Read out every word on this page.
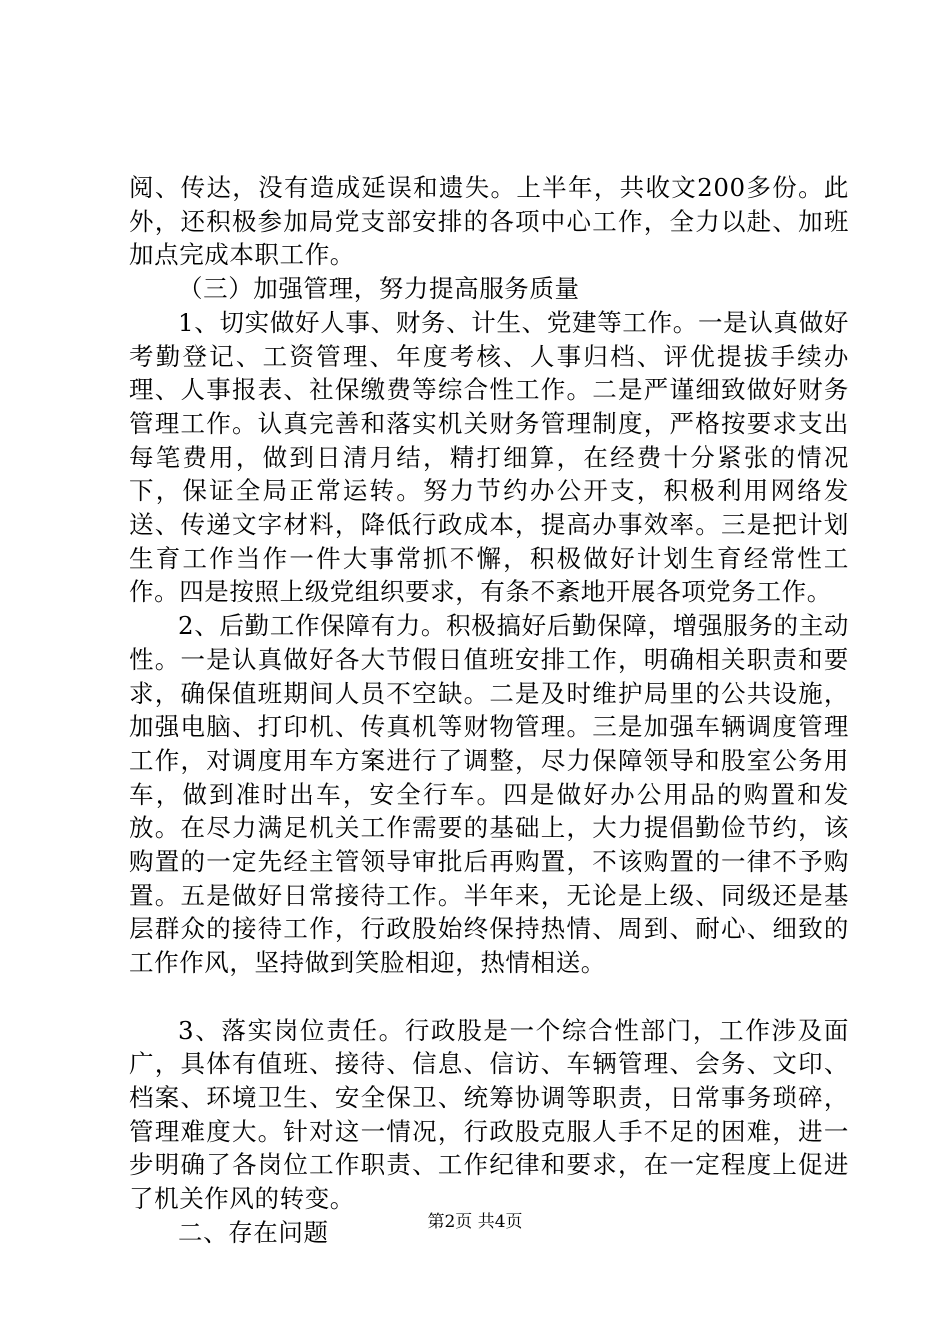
阅、传达，没有造成延误和遗失。上半年，共收文200多份。此外，还积极参加局党支部安排的各项中心工作，全力以赴、加班加点完成本职工作。

（三）加强管理，努力提高服务质量

1、切实做好人事、财务、计生、党建等工作。一是认真做好考勤登记、工资管理、年度考核、人事归档、评优提拔手续办理、人事报表、社保缴费等综合性工作。二是严谨细致做好财务管理工作。认真完善和落实机关财务管理制度，严格按要求支出每笔费用，做到日清月结，精打细算，在经费十分紧张的情况下，保证全局正常运转。努力节约办公开支，积极利用网络发送、传递文字材料，降低行政成本，提高办事效率。三是把计划生育工作当作一件大事常抓不懈，积极做好计划生育经常性工作。四是按照上级党组织要求，有条不紊地开展各项党务工作。

2、后勤工作保障有力。积极搞好后勤保障，增强服务的主动性。一是认真做好各大节假日值班安排工作，明确相关职责和要求，确保值班期间人员不空缺。二是及时维护局里的公共设施，加强电脑、打印机、传真机等财物管理。三是加强车辆调度管理工作，对调度用车方案进行了调整，尽力保障领导和股室公务用车，做到准时出车，安全行车。四是做好办公用品的购置和发放。在尽力满足机关工作需要的基础上，大力提倡勤俭节约，该购置的一定先经主管领导审批后再购置，不该购置的一律不予购置。五是做好日常接待工作。半年来，无论是上级、同级还是基层群众的接待工作，行政股始终保持热情、周到、耐心、细致的工作作风，坚持做到笑脸相迎，热情相送。

3、落实岗位责任。行政股是一个综合性部门，工作涉及面广，具体有值班、接待、信息、信访、车辆管理、会务、文印、档案、环境卫生、安全保卫、统筹协调等职责，日常事务琐碎，管理难度大。针对这一情况，行政股克服人手不足的困难，进一步明确了各岗位工作职责、工作纪律和要求，在一定程度上促进了机关作风的转变。

二、存在问题	第2页 共4页
